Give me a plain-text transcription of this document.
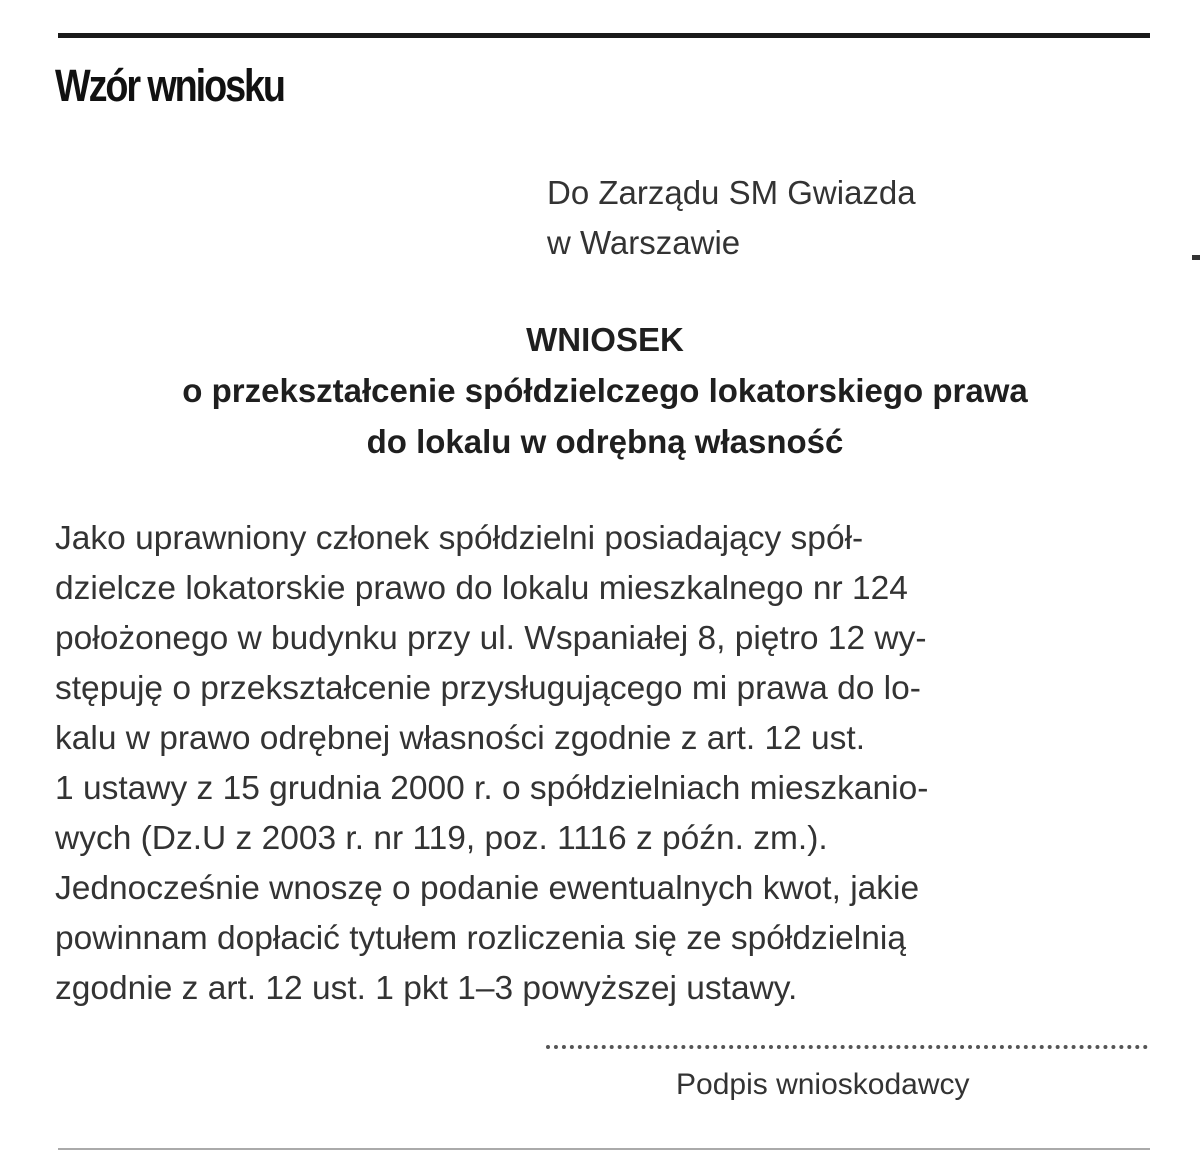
Wzór wniosku
Do Zarządu SM Gwiazda
w Warszawie
WNIOSEK
o przekształcenie spółdzielczego lokatorskiego prawa
do lokalu w odrębną własność
Jako uprawniony członek spółdzielni posiadający spół-
dzielcze lokatorskie prawo do lokalu mieszkalnego nr 124
położonego w budynku przy ul. Wspaniałej 8, piętro 12 wy-
stępuję o przekształcenie przysługującego mi prawa do lo-
kalu w prawo odrębnej własności zgodnie z art. 12 ust.
1 ustawy z 15 grudnia 2000 r. o spółdzielniach mieszkanio-
wych (Dz.U z 2003 r. nr 119, poz. 1116 z późn. zm.).
Jednocześnie wnoszę o podanie ewentualnych kwot, jakie
powinnam dopłacić tytułem rozliczenia się ze spółdzielnią
zgodnie z art. 12 ust. 1 pkt 1–3 powyższej ustawy.
Podpis wnioskodawcy
